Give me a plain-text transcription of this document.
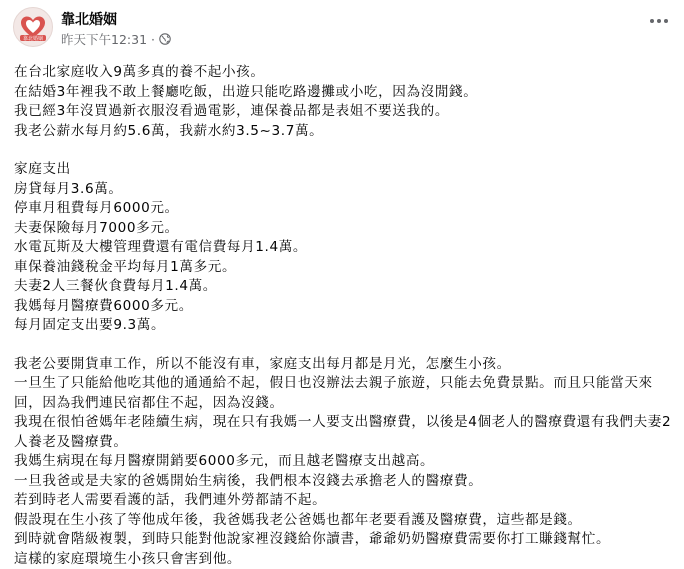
靠北婚姻
靠北婚姻
昨天下午12:31 ·
在台北家庭收入9萬多真的養不起小孩。
在結婚3年裡我不敢上餐廳吃飯，出遊只能吃路邊攤或小吃，因為沒閒錢。
我已經3年沒買過新衣服沒看過電影，連保養品都是表姐不要送我的。
我老公薪水每月約5.6萬，我薪水約3.5~3.7萬。
家庭支出
房貸每月3.6萬。
停車月租費每月6000元。
夫妻保險每月7000多元。
水電瓦斯及大樓管理費還有電信費每月1.4萬。
車保養油錢稅金平均每月1萬多元。
夫妻2人三餐伙食費每月1.4萬。
我媽每月醫療費6000多元。
每月固定支出要9.3萬。
我老公要開貨車工作，所以不能沒有車，家庭支出每月都是月光，怎麼生小孩。
一旦生了只能給他吃其他的通通給不起，假日也沒辦法去親子旅遊，只能去免費景點。而且只能當天來回，因為我們連民宿都住不起，因為沒錢。
我現在很怕爸媽年老陸續生病，現在只有我媽一人要支出醫療費，以後是4個老人的醫療費還有我們夫妻2人養老及醫療費。
我媽生病現在每月醫療開銷要6000多元，而且越老醫療支出越高。
一旦我爸或是夫家的爸媽開始生病後，我們根本沒錢去承擔老人的醫療費。
若到時老人需要看護的話，我們連外勞都請不起。
假設現在生小孩了等他成年後，我爸媽我老公爸媽也都年老要看護及醫療費，這些都是錢。
到時就會階級複製，到時只能對他說家裡沒錢給你讀書，爺爺奶奶醫療費需要你打工賺錢幫忙。
這樣的家庭環境生小孩只會害到他。
